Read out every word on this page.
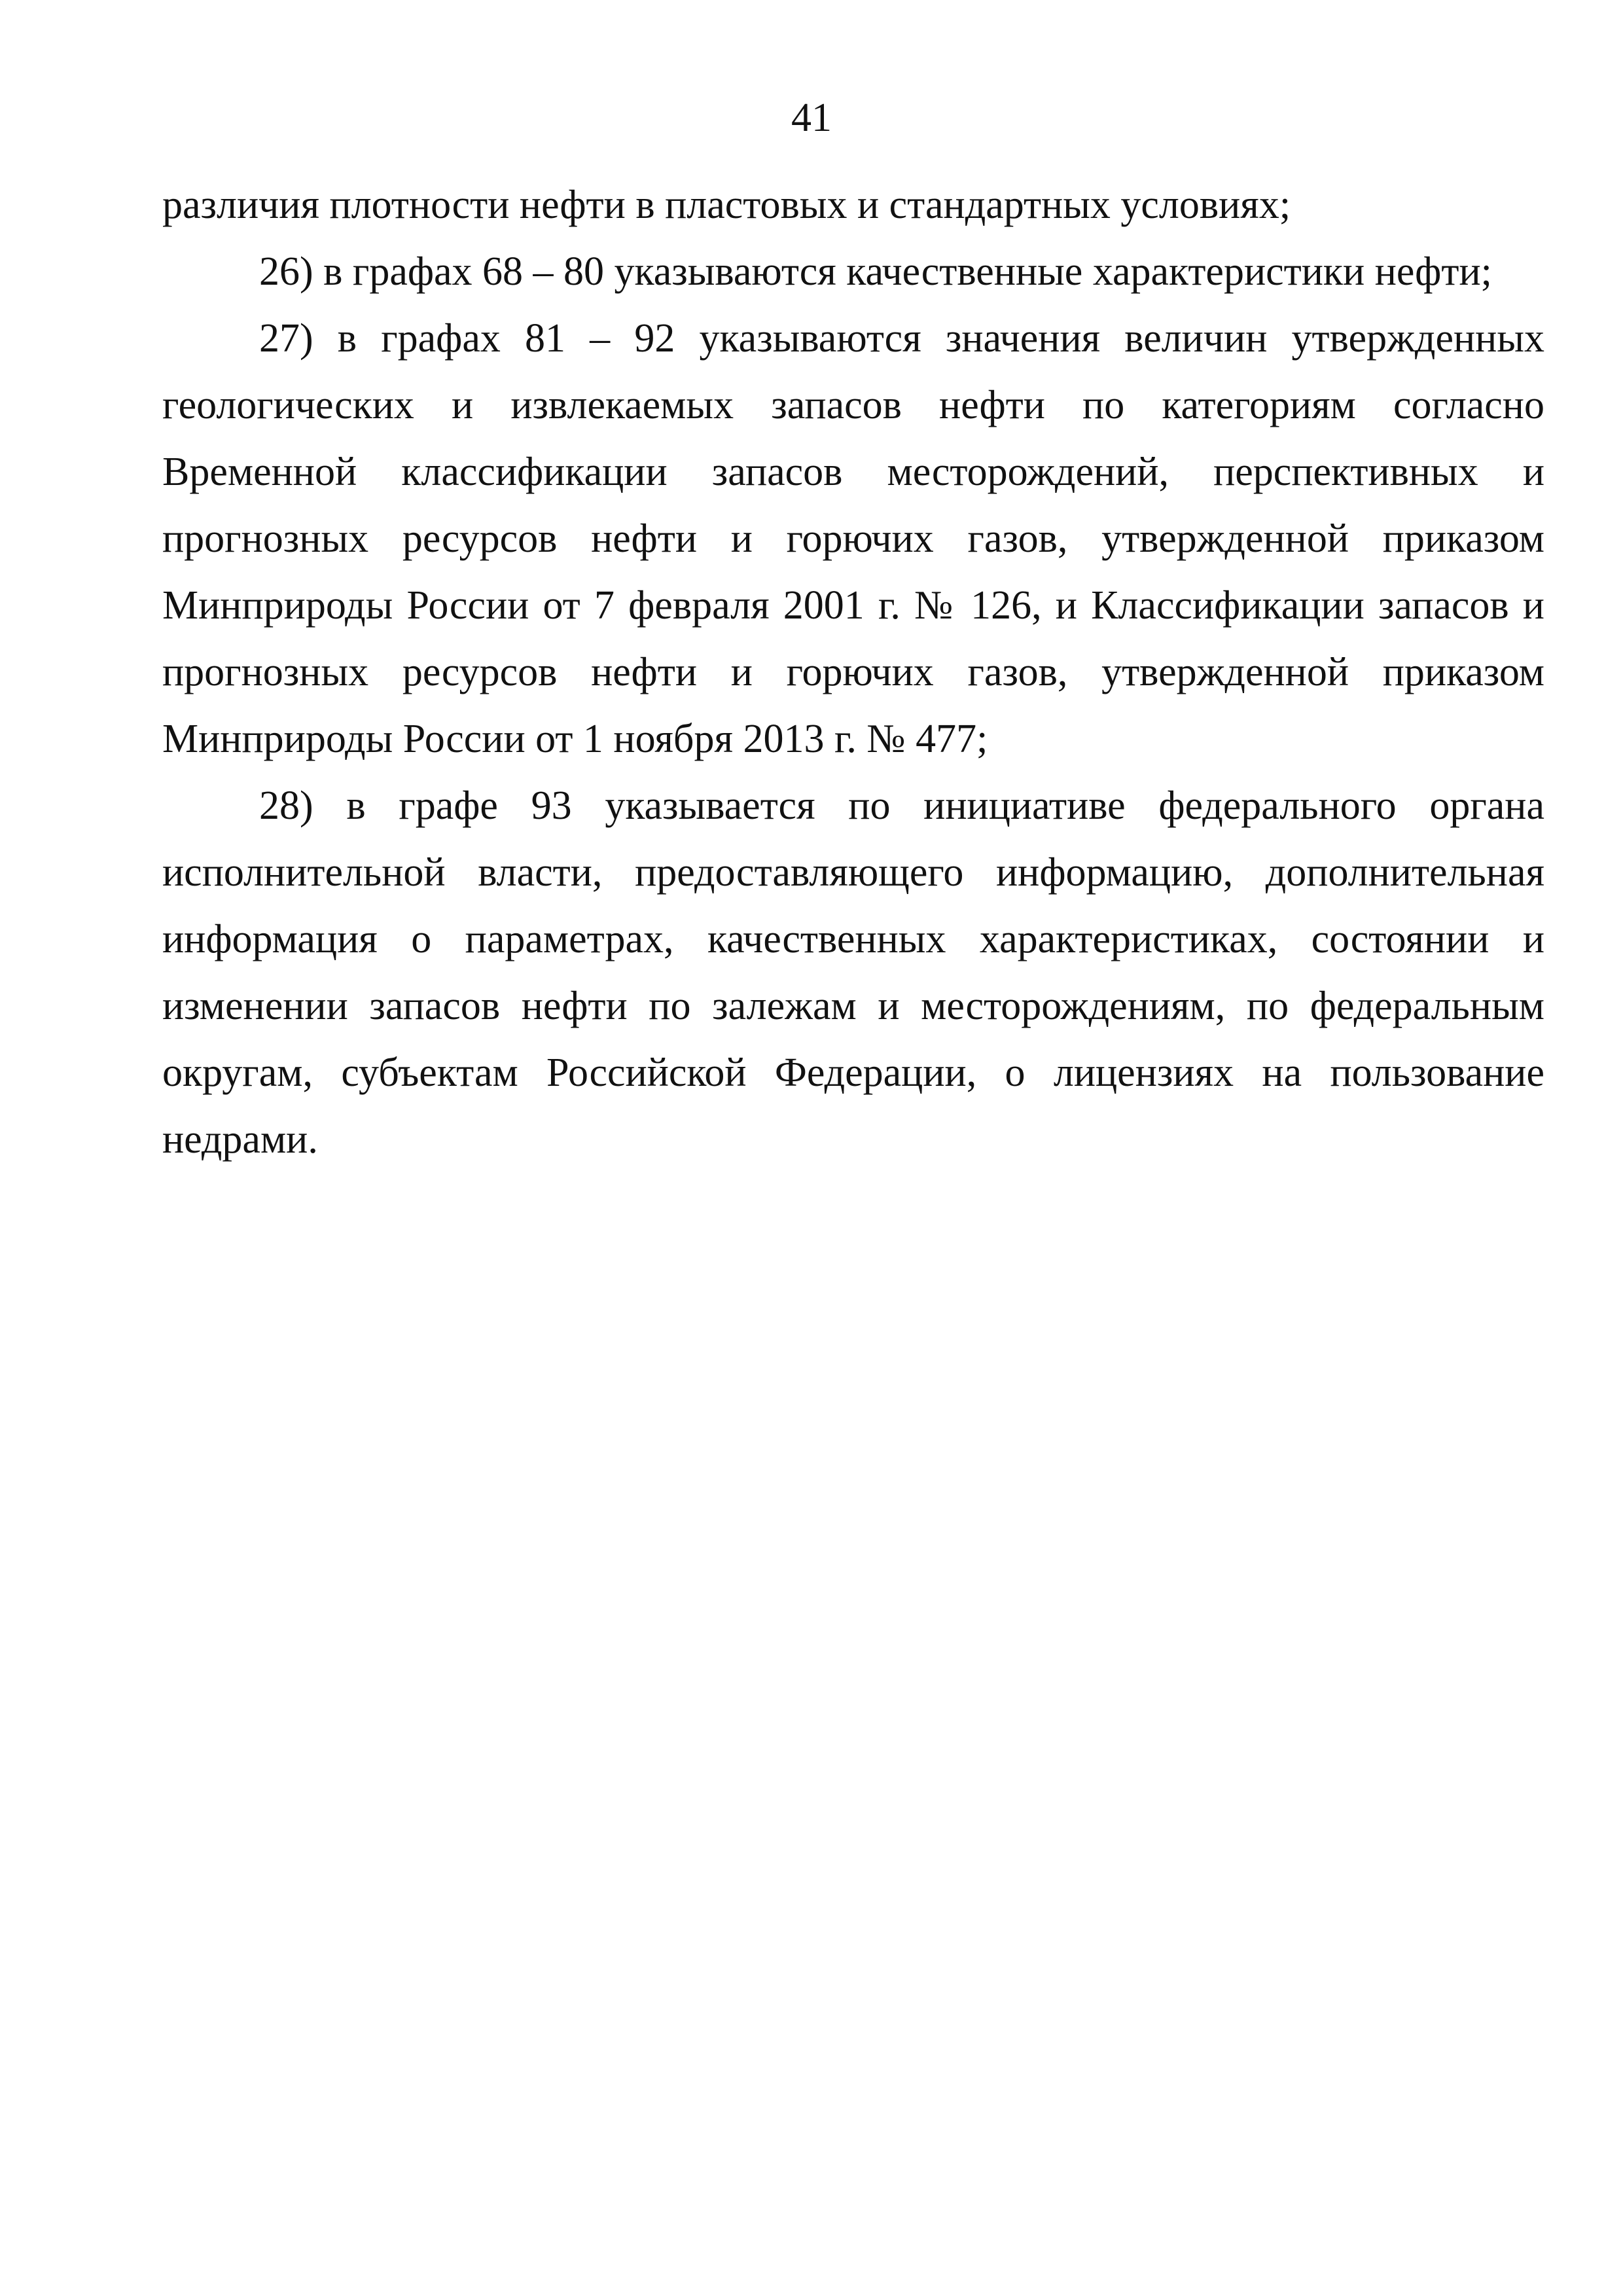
41

различия плотности нефти в пластовых и стандартных условиях;

26) в графах 68 – 80 указываются качественные характеристики нефти;

27) в графах 81 – 92 указываются значения величин утвержденных геологических и извлекаемых запасов нефти по категориям согласно Временной классификации запасов месторождений, перспективных и прогнозных ресурсов нефти и горючих газов, утвержденной приказом Минприроды России от 7 февраля 2001 г. № 126, и Классификации запасов и прогнозных ресурсов нефти и горючих газов, утвержденной приказом Минприроды России от 1 ноября 2013 г. № 477;

28) в графе 93 указывается по инициативе федерального органа исполнительной власти, предоставляющего информацию, дополнительная информация о параметрах, качественных характеристиках, состоянии и изменении запасов нефти по залежам и месторождениям, по федеральным округам, субъектам Российской Федерации, о лицензиях на пользование недрами.
